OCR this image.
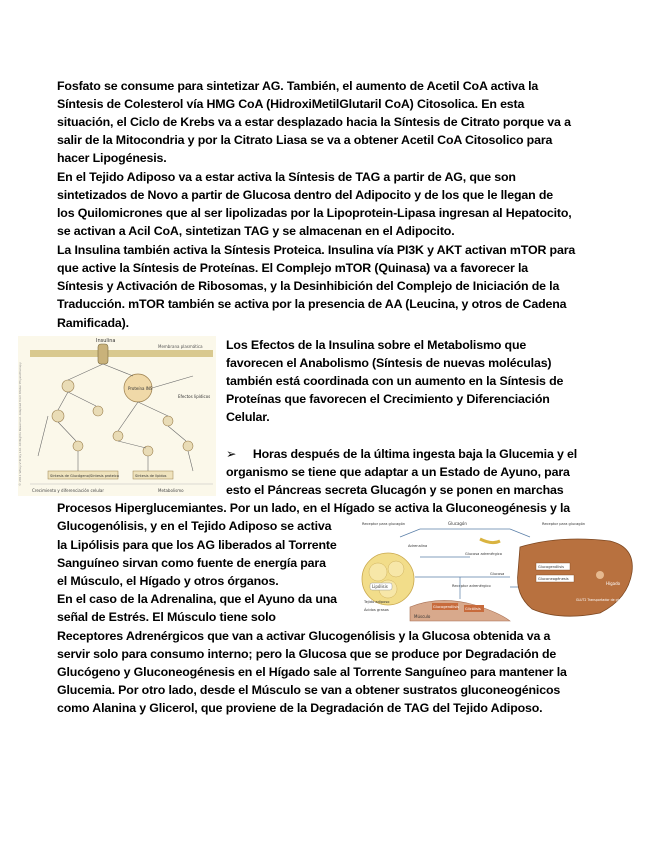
Fosfato se consume para sintetizar AG. También, el aumento de Acetil CoA activa la
Síntesis de Colesterol vía HMG CoA (HidroxiMetilGlutaril CoA) Citosolica. En esta
situación, el Ciclo de Krebs va a estar desplazado hacia la Síntesis de Citrato porque va a
salir de la Mitocondria y por la Citrato Liasa se va a obtener Acetil CoA Citosolico para
hacer Lipogénesis.
En el Tejido Adiposo va a estar activa la Síntesis de TAG a partir de AG, que son
sintetizados de Novo a partir de Glucosa dentro del Adipocito y de los que le llegan de
los Quilomicrones que al ser lipolizadas por la Lipoprotein-Lipasa ingresan al Hepatocito,
se activan a Acil CoA, sintetizan TAG y se almacenan en el Adipocito.
La Insulina también activa la Síntesis Proteica. Insulina vía PI3K y AKT activan mTOR para
que active la Síntesis de Proteínas. El Complejo mTOR (Quinasa) va a favorecer la
Síntesis y Activación de Ribosomas, y la Desinhibición del Complejo de Iniciación de la
Traducción. mTOR también se activa por la presencia de AA (Leucina, y otros de Cadena
Ramificada).
© 2011 Wiley-V Kroly Ltd. All Rights Reserved. Adapted from Moller Physiotherapy
Insulina
Membrana plasmática
Proteína INS
Efectos lipídicos
Síntesis de Glucógeno/Síntesis proteica	Síntesis de lípidos
Crecimiento y diferenciación celular	Metabolismo
Los Efectos de la Insulina sobre el Metabolismo que
favorecen el Anabolismo (Síntesis de nuevas moléculas)
también está coordinada con un aumento en la Síntesis de
Proteínas que favorecen el Crecimiento y Diferenciación
Celular.
➢ Horas después de la última ingesta baja la Glucemia y el
organismo se tiene que adaptar a un Estado de Ayuno, para
esto el Páncreas secreta Glucagón y se ponen en marchas
Procesos Hiperglucemiantes. Por un lado, en el Hígado se activa la Gluconeogénesis y la
Glucogenólisis, y en el Tejido Adiposo se activa
la Lipólisis para que los AG liberados al Torrente
Sanguíneo sirvan como fuente de energía para
el Músculo, el Hígado y otros órganos.
En el caso de la Adrenalina, que el Ayuno da una
señal de Estrés. El Músculo tiene solo
Receptores Adrenérgicos que van a activar Glucogenólisis y la Glucosa obtenida va a
servir solo para consumo interno; pero la Glucosa que se produce por Degradación de
Glucógeno y Gluconeogénesis en el Hígado sale al Torrente Sanguíneo para mantener la
Glucemia. Por otro lado, desde el Músculo se van a obtener sustratos gluconeogénicos
como Alanina y Glicerol, que proviene de la Degradación de TAG del Tejido Adiposo.
Lipólisis
Receptor para glucagón
Adrenalina
Ácidos grasos
Tejido adiposo
Músculo
Glucogenólisis Glicólisis
Glucagón
Glucosa adrenérgico
Receptor adrenérgico
Glucosa
Glucogenólisis
Gluconeogénesis
Receptor para glucagón
Hígado
GLUT2 Transportador de glucosa
Glucosa
